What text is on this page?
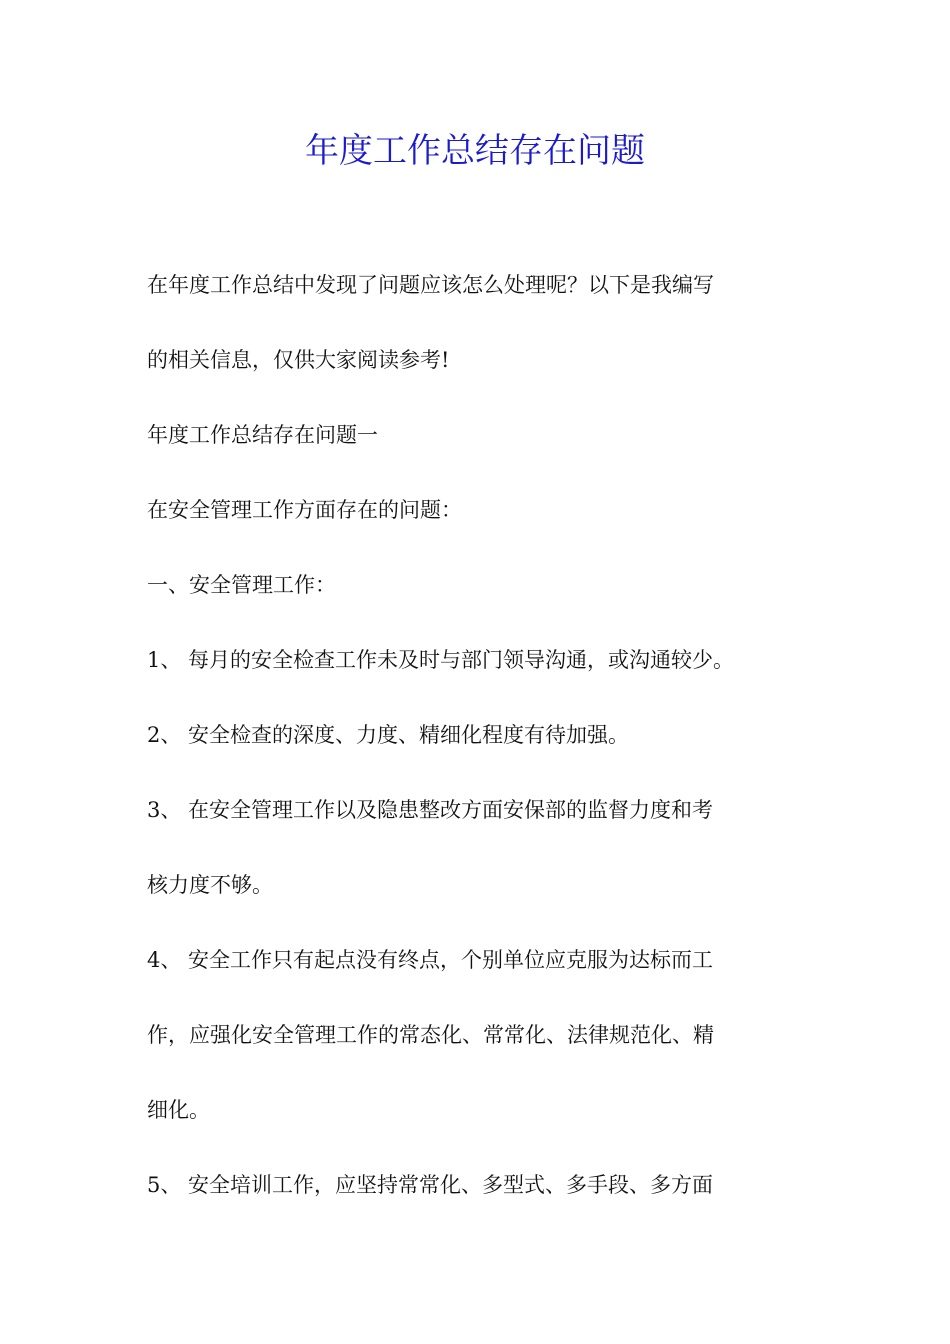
年度工作总结存在问题

在年度工作总结中发现了问题应该怎么处理呢？以下是我编写

的相关信息，仅供大家阅读参考!

年度工作总结存在问题一

在安全管理工作方面存在的问题：

一、安全管理工作：

1、 每月的安全检查工作未及时与部门领导沟通，或沟通较少。

2、 安全检查的深度、力度、精细化程度有待加强。

3、 在安全管理工作以及隐患整改方面安保部的监督力度和考

核力度不够。

4、 安全工作只有起点没有终点，个别单位应克服为达标而工

作，应强化安全管理工作的常态化、常常化、法律规范化、精

细化。

5、 安全培训工作，应坚持常常化、多型式、多手段、多方面
